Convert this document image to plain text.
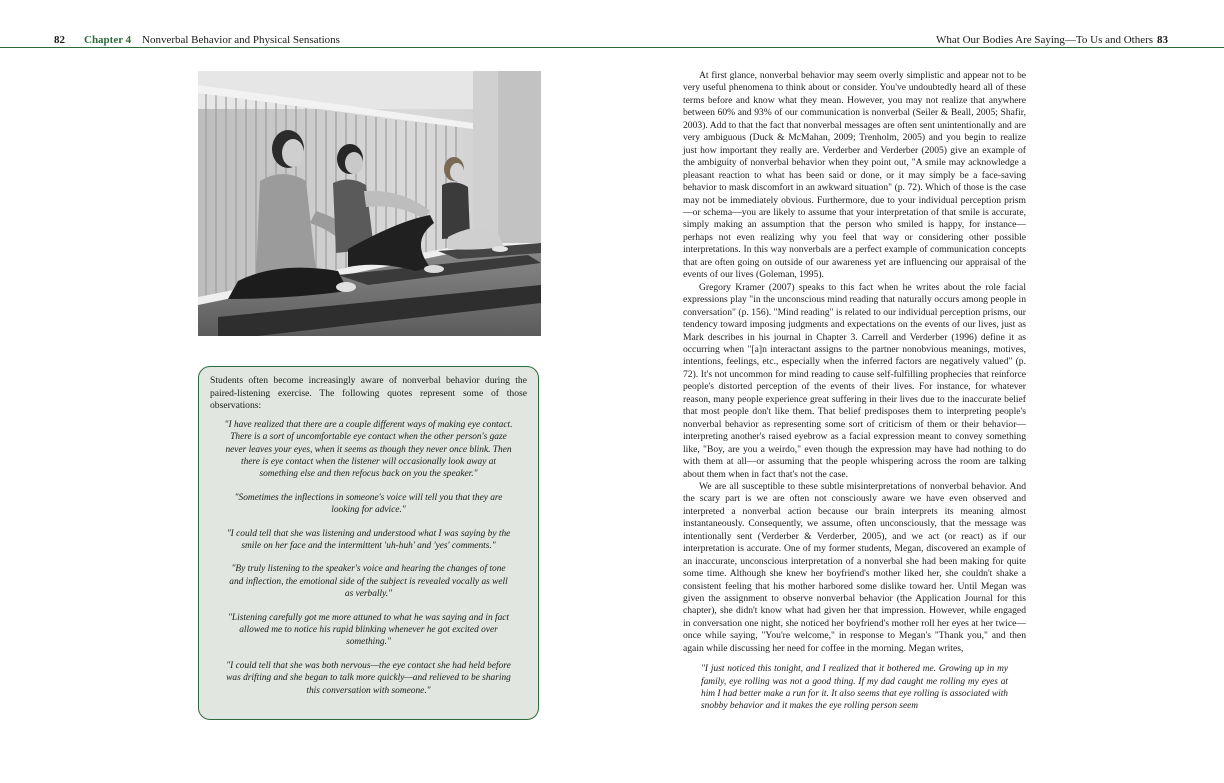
82 Chapter 4 Nonverbal Behavior and Physical Sensations	What Our Bodies Are Saying—To Us and Others 83

Students often become increasingly aware of nonverbal behavior during the paired-listening exercise. The following quotes represent some of those observations:

"I have realized that there are a couple different ways of making eye contact. There is a sort of uncomfortable eye contact when the other person's gaze never leaves your eyes, when it seems as though they never once blink. Then there is eye contact when the listener will occasionally look away at something else and then refocus back on you the speaker."

"Sometimes the inflections in someone's voice will tell you that they are looking for advice."

"I could tell that she was listening and understood what I was saying by the smile on her face and the intermittent 'uh-huh' and 'yes' comments."

"By truly listening to the speaker's voice and hearing the changes of tone and inflection, the emotional side of the subject is revealed vocally as well as verbally."

"Listening carefully got me more attuned to what he was saying and in fact allowed me to notice his rapid blinking whenever he got excited over something."

"I could tell that she was both nervous—the eye contact she had held before was drifting and she began to talk more quickly—and relieved to be sharing this conversation with someone."

At first glance, nonverbal behavior may seem overly simplistic and appear not to be very useful phenomena to think about or consider. You've undoubtedly heard all of these terms before and know what they mean. However, you may not realize that anywhere between 60% and 93% of our communication is nonverbal (Seiler & Beall, 2005; Shafir, 2003). Add to that the fact that nonverbal messages are often sent unintentionally and are very ambiguous (Duck & McMahan, 2009; Trenholm, 2005) and you begin to realize just how important they really are. Verderber and Verderber (2005) give an example of the ambiguity of nonverbal behavior when they point out, "A smile may acknowledge a pleasant reaction to what has been said or done, or it may simply be a face-saving behavior to mask discomfort in an awkward situation" (p. 72). Which of those is the case may not be immediately obvious. Furthermore, due to your individual perception prism—or schema—you are likely to assume that your interpretation of that smile is accurate, simply making an assumption that the person who smiled is happy, for instance—perhaps not even realizing why you feel that way or considering other possible interpretations. In this way nonverbals are a perfect example of communication concepts that are often going on outside of our awareness yet are influencing our appraisal of the events of our lives (Goleman, 1995).

Gregory Kramer (2007) speaks to this fact when he writes about the role facial expressions play "in the unconscious mind reading that naturally occurs among people in conversation" (p. 156). "Mind reading" is related to our individual perception prisms, our tendency toward imposing judgments and expectations on the events of our lives, just as Mark describes in his journal in Chapter 3. Carrell and Verderber (1996) define it as occurring when "[a]n interactant assigns to the partner nonobvious meanings, motives, intentions, feelings, etc., especially when the inferred factors are negatively valued" (p. 72). It's not uncommon for mind reading to cause self-fulfilling prophecies that reinforce people's distorted perception of the events of their lives. For instance, for whatever reason, many people experience great suffering in their lives due to the inaccurate belief that most people don't like them. That belief predisposes them to interpreting people's nonverbal behavior as representing some sort of criticism of them or their behavior—interpreting another's raised eyebrow as a facial expression meant to convey something like, "Boy, are you a weirdo," even though the expression may have had nothing to do with them at all—or assuming that the people whispering across the room are talking about them when in fact that's not the case.

We are all susceptible to these subtle misinterpretations of nonverbal behavior. And the scary part is we are often not consciously aware we have even observed and interpreted a nonverbal action because our brain interprets its meaning almost instantaneously. Consequently, we assume, often unconsciously, that the message was intentionally sent (Verderber & Verderber, 2005), and we act (or react) as if our interpretation is accurate. One of my former students, Megan, discovered an example of an inaccurate, unconscious interpretation of a nonverbal she had been making for quite some time. Although she knew her boyfriend's mother liked her, she couldn't shake a consistent feeling that his mother harbored some dislike toward her. Until Megan was given the assignment to observe nonverbal behavior (the Application Journal for this chapter), she didn't know what had given her that impression. However, while engaged in conversation one night, she noticed her boyfriend's mother roll her eyes at her twice—once while saying, "You're welcome," in response to Megan's "Thank you," and then again while discussing her need for coffee in the morning. Megan writes,

"I just noticed this tonight, and I realized that it bothered me. Growing up in my family, eye rolling was not a good thing. If my dad caught me rolling my eyes at him I had better make a run for it. It also seems that eye rolling is associated with snobby behavior and it makes the eye rolling person seem
